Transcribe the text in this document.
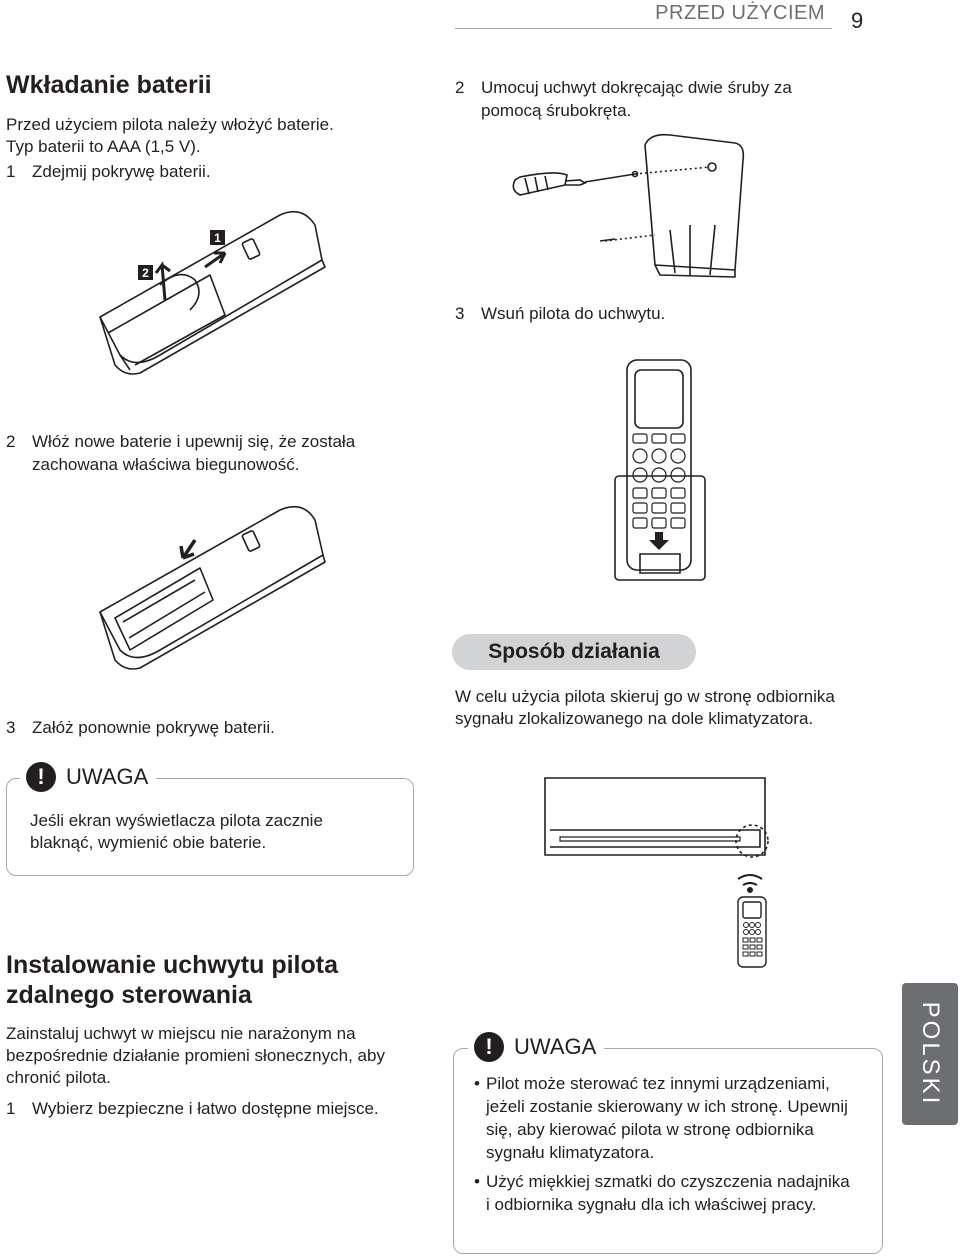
PRZED UŻYCIEM 9
Wkładanie baterii
Przed użyciem pilota należy włożyć baterie.
Typ baterii to AAA (1,5 V).
1 Zdejmij pokrywę baterii.
1
2
2 Włóż nowe baterie i upewnij się, że została zachowana właściwa biegunowość.
3 Załóż ponownie pokrywę baterii.
! UWAGA
Jeśli ekran wyświetlacza pilota zacznie blaknąć, wymienić obie baterie.
Instalowanie uchwytu pilota zdalnego sterowania
Zainstaluj uchwyt w miejscu nie narażonym na bezpośrednie działanie promieni słonecznych, aby chronić pilota.
1 Wybierz bezpieczne i łatwo dostępne miejsce.
2 Umocuj uchwyt dokręcając dwie śruby za pomocą śrubokręta.
3 Wsuń pilota do uchwytu.
Sposób działania
W celu użycia pilota skieruj go w stronę odbiornika sygnału zlokalizowanego na dole klimatyzatora.
! UWAGA
• Pilot może sterować tez innymi urządzeniami, jeżeli zostanie skierowany w ich stronę. Upewnij się, aby kierować pilota w stronę odbiornika sygnału klimatyzatora.
• Użyć miękkiej szmatki do czyszczenia nadajnika i odbiornika sygnału dla ich właściwej pracy.
POLSKI
